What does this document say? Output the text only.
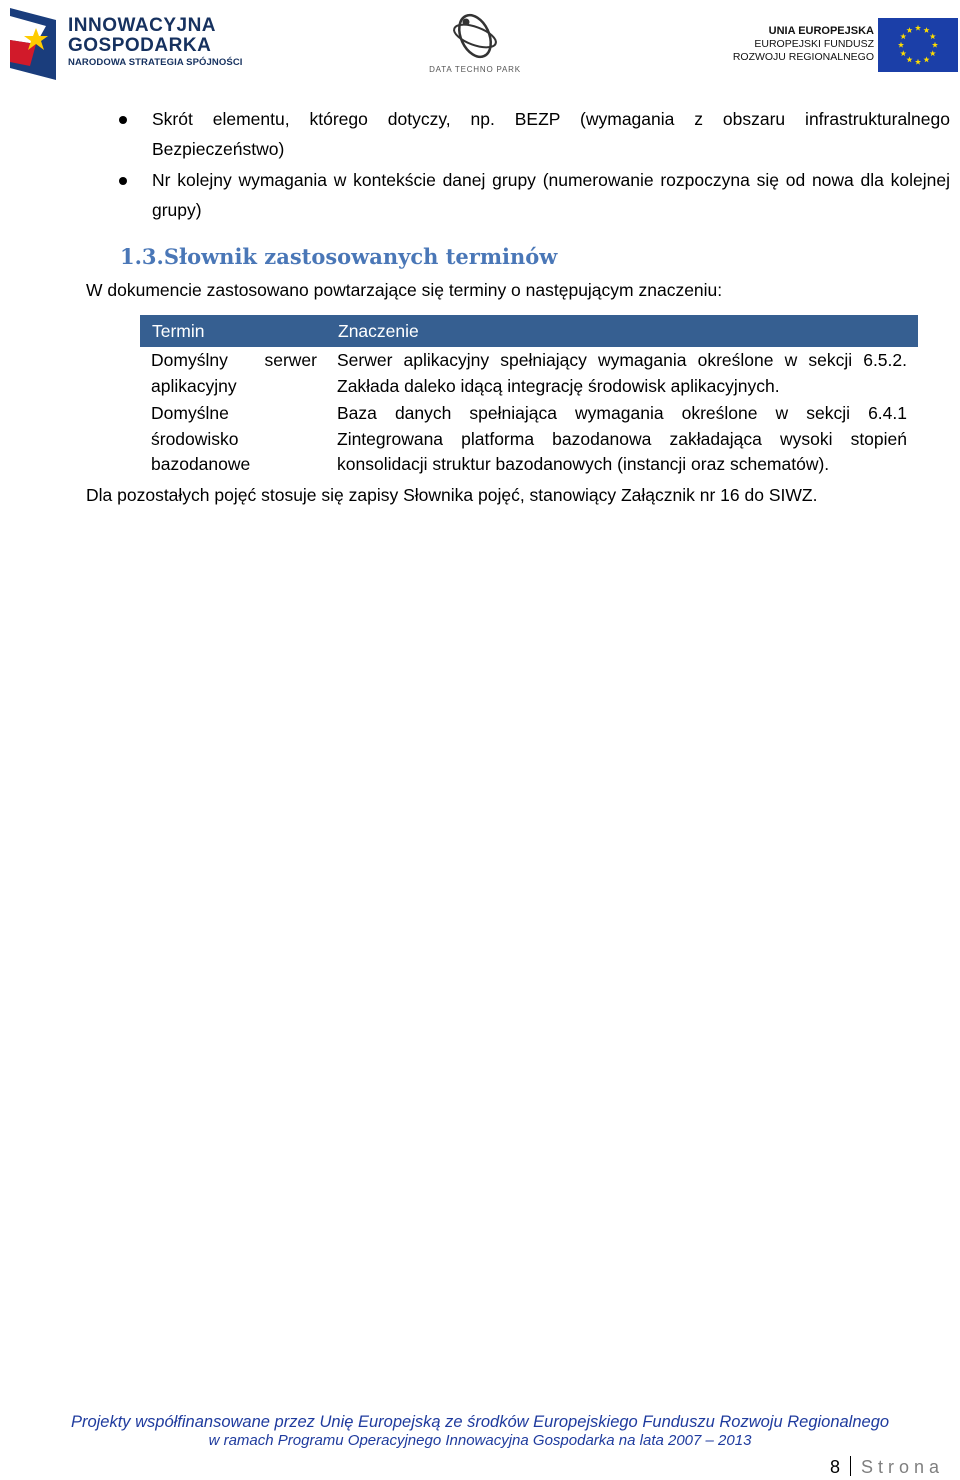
INNOWACYJNA
GOSPODARKA
NARODOWA STRATEGIA SPÓJNOŚCI
DATA TECHNO PARK
UNIA EUROPEJSKA
EUROPEJSKI FUNDUSZ
ROZWOJU REGIONALNEGO
Skrót elementu, którego dotyczy, np. BEZP (wymagania z obszaru infrastrukturalnego Bezpieczeństwo)
Nr kolejny wymagania w kontekście danej grupy (numerowanie rozpoczyna się od nowa dla kolejnej grupy)
1.3.Słownik zastosowanych terminów
W dokumencie zastosowano powtarzające się terminy o następującym znaczeniu:
Termin	Znaczenie
Domyślny serwer aplikacyjny	Serwer aplikacyjny spełniający wymagania określone w sekcji 6.5.2. Zakłada daleko idącą integrację środowisk aplikacyjnych.
Domyślne środowisko bazodanowe	Baza danych spełniająca wymagania określone w sekcji 6.4.1 Zintegrowana platforma bazodanowa zakładająca wysoki stopień konsolidacji struktur bazodanowych (instancji oraz schematów).
Dla pozostałych pojęć stosuje się zapisy Słownika pojęć, stanowiący Załącznik nr 16 do SIWZ.
Projekty współfinansowane przez Unię Europejską ze środków Europejskiego Funduszu Rozwoju Regionalnego
w ramach Programu Operacyjnego Innowacyjna Gospodarka na lata 2007 – 2013
8 Strona
